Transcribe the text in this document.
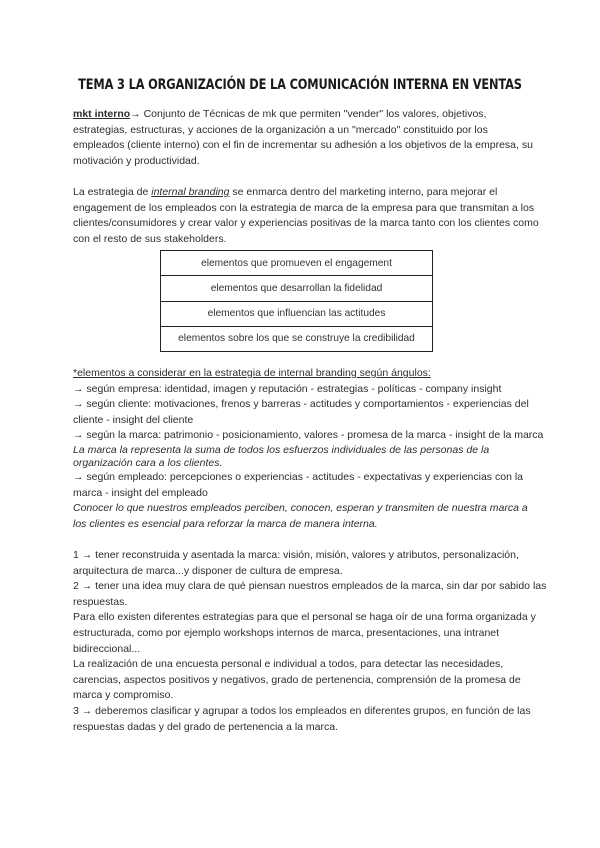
TEMA 3 LA ORGANIZACIÓN DE LA COMUNICACIÓN INTERNA EN VENTAS
mkt interno→ Conjunto de Técnicas de mk que permiten "vender" los valores, objetivos,
estrategias, estructuras, y acciones de la organización a un "mercado" constituido por los
empleados (cliente interno) con el fin de incrementar su adhesión a los objetivos de la empresa, su
motivación y productividad.
La estrategia de internal branding se enmarca dentro del marketing interno, para mejorar el
engagement de los empleados con la estrategia de marca de la empresa para que transmitan a los
clientes/consumidores y crear valor y experiencias positivas de la marca tanto con los clientes como
con el resto de sus stakeholders.
elementos que promueven el engagement
elementos que desarrollan la fidelidad
elementos que influencian las actitudes
elementos sobre los que se construye la credibilidad
*elementos a considerar en la estrategia de internal branding según ángulos:
→ según empresa: identidad, imagen y reputación - estrategias - políticas - company insight
→ según cliente: motivaciones, frenos y barreras - actitudes y comportamientos - experiencias del
cliente - insight del cliente
→ según la marca: patrimonio - posicionamiento, valores - promesa de la marca - insight de la marca
La marca la representa la suma de todos los esfuerzos individuales de las personas de la
organización cara a los clientes.
→ según empleado: percepciones o experiencias - actitudes - expectativas y experiencias con la
marca - insight del empleado
Conocer lo que nuestros empleados perciben, conocen, esperan y transmiten de nuestra marca a
los clientes es esencial para reforzar la marca de manera interna.
1 → tener reconstruida y asentada la marca: visión, misión, valores y atributos, personalización,
arquitectura de marca...y disponer de cultura de empresa.
2 → tener una idea muy clara de qué piensan nuestros empleados de la marca, sin dar por sabido las
respuestas.
Para ello existen diferentes estrategias para que el personal se haga oír de una forma organizada y
estructurada, como por ejemplo workshops internos de marca, presentaciones, una intranet
bidireccional...
La realización de una encuesta personal e individual a todos, para detectar las necesidades,
carencias, aspectos positivos y negativos, grado de pertenencia, comprensión de la promesa de
marca y compromiso.
3 → deberemos clasificar y agrupar a todos los empleados en diferentes grupos, en función de las
respuestas dadas y del grado de pertenencia a la marca.
